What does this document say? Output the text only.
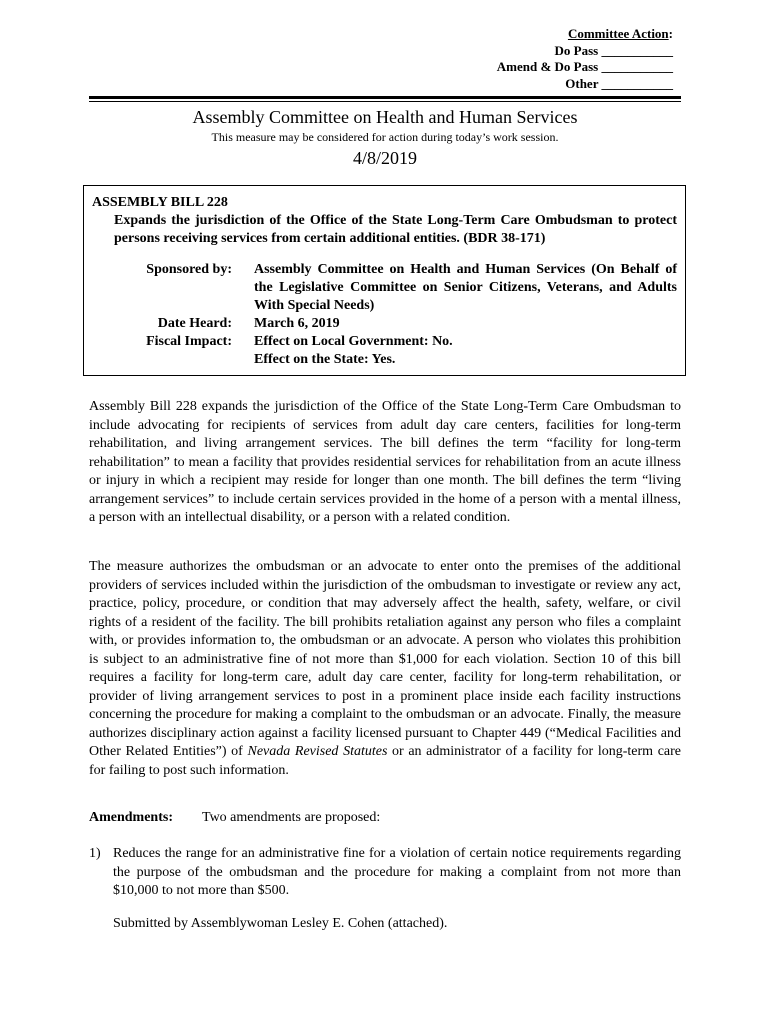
Committee Action:
Do Pass ___________
Amend & Do Pass ___________
Other ___________
Assembly Committee on Health and Human Services
This measure may be considered for action during today’s work session.
4/8/2019

ASSEMBLY BILL 228

Expands the jurisdiction of the Office of the State Long-Term Care Ombudsman to protect persons receiving services from certain additional entities. (BDR 38-171)

Sponsored by:	Assembly Committee on Health and Human Services (On Behalf of the Legislative Committee on Senior Citizens, Veterans, and Adults With Special Needs)
Date Heard:	March 6, 2019
Fiscal Impact:	Effect on Local Government: No.
Effect on the State: Yes.
Assembly Bill 228 expands the jurisdiction of the Office of the State Long-Term Care Ombudsman to include advocating for recipients of services from adult day care centers, facilities for long-term rehabilitation, and living arrangement services. The bill defines the term “facility for long-term rehabilitation” to mean a facility that provides residential services for rehabilitation from an acute illness or injury in which a recipient may reside for longer than one month. The bill defines the term “living arrangement services” to include certain services provided in the home of a person with a mental illness, a person with an intellectual disability, or a person with a related condition.
The measure authorizes the ombudsman or an advocate to enter onto the premises of the additional providers of services included within the jurisdiction of the ombudsman to investigate or review any act, practice, policy, procedure, or condition that may adversely affect the health, safety, welfare, or civil rights of a resident of the facility. The bill prohibits retaliation against any person who files a complaint with, or provides information to, the ombudsman or an advocate. A person who violates this prohibition is subject to an administrative fine of not more than $1,000 for each violation. Section 10 of this bill requires a facility for long-term care, adult day care center, facility for long-term rehabilitation, or provider of living arrangement services to post in a prominent place inside each facility instructions concerning the procedure for making a complaint to the ombudsman or an advocate. Finally, the measure authorizes disciplinary action against a facility licensed pursuant to Chapter 449 (“Medical Facilities and Other Related Entities”) of Nevada Revised Statutes or an administrator of a facility for long-term care for failing to post such information.
Amendments: Two amendments are proposed:
1) Reduces the range for an administrative fine for a violation of certain notice requirements regarding the purpose of the ombudsman and the procedure for making a complaint from not more than $10,000 to not more than $500.
Submitted by Assemblywoman Lesley E. Cohen (attached).
